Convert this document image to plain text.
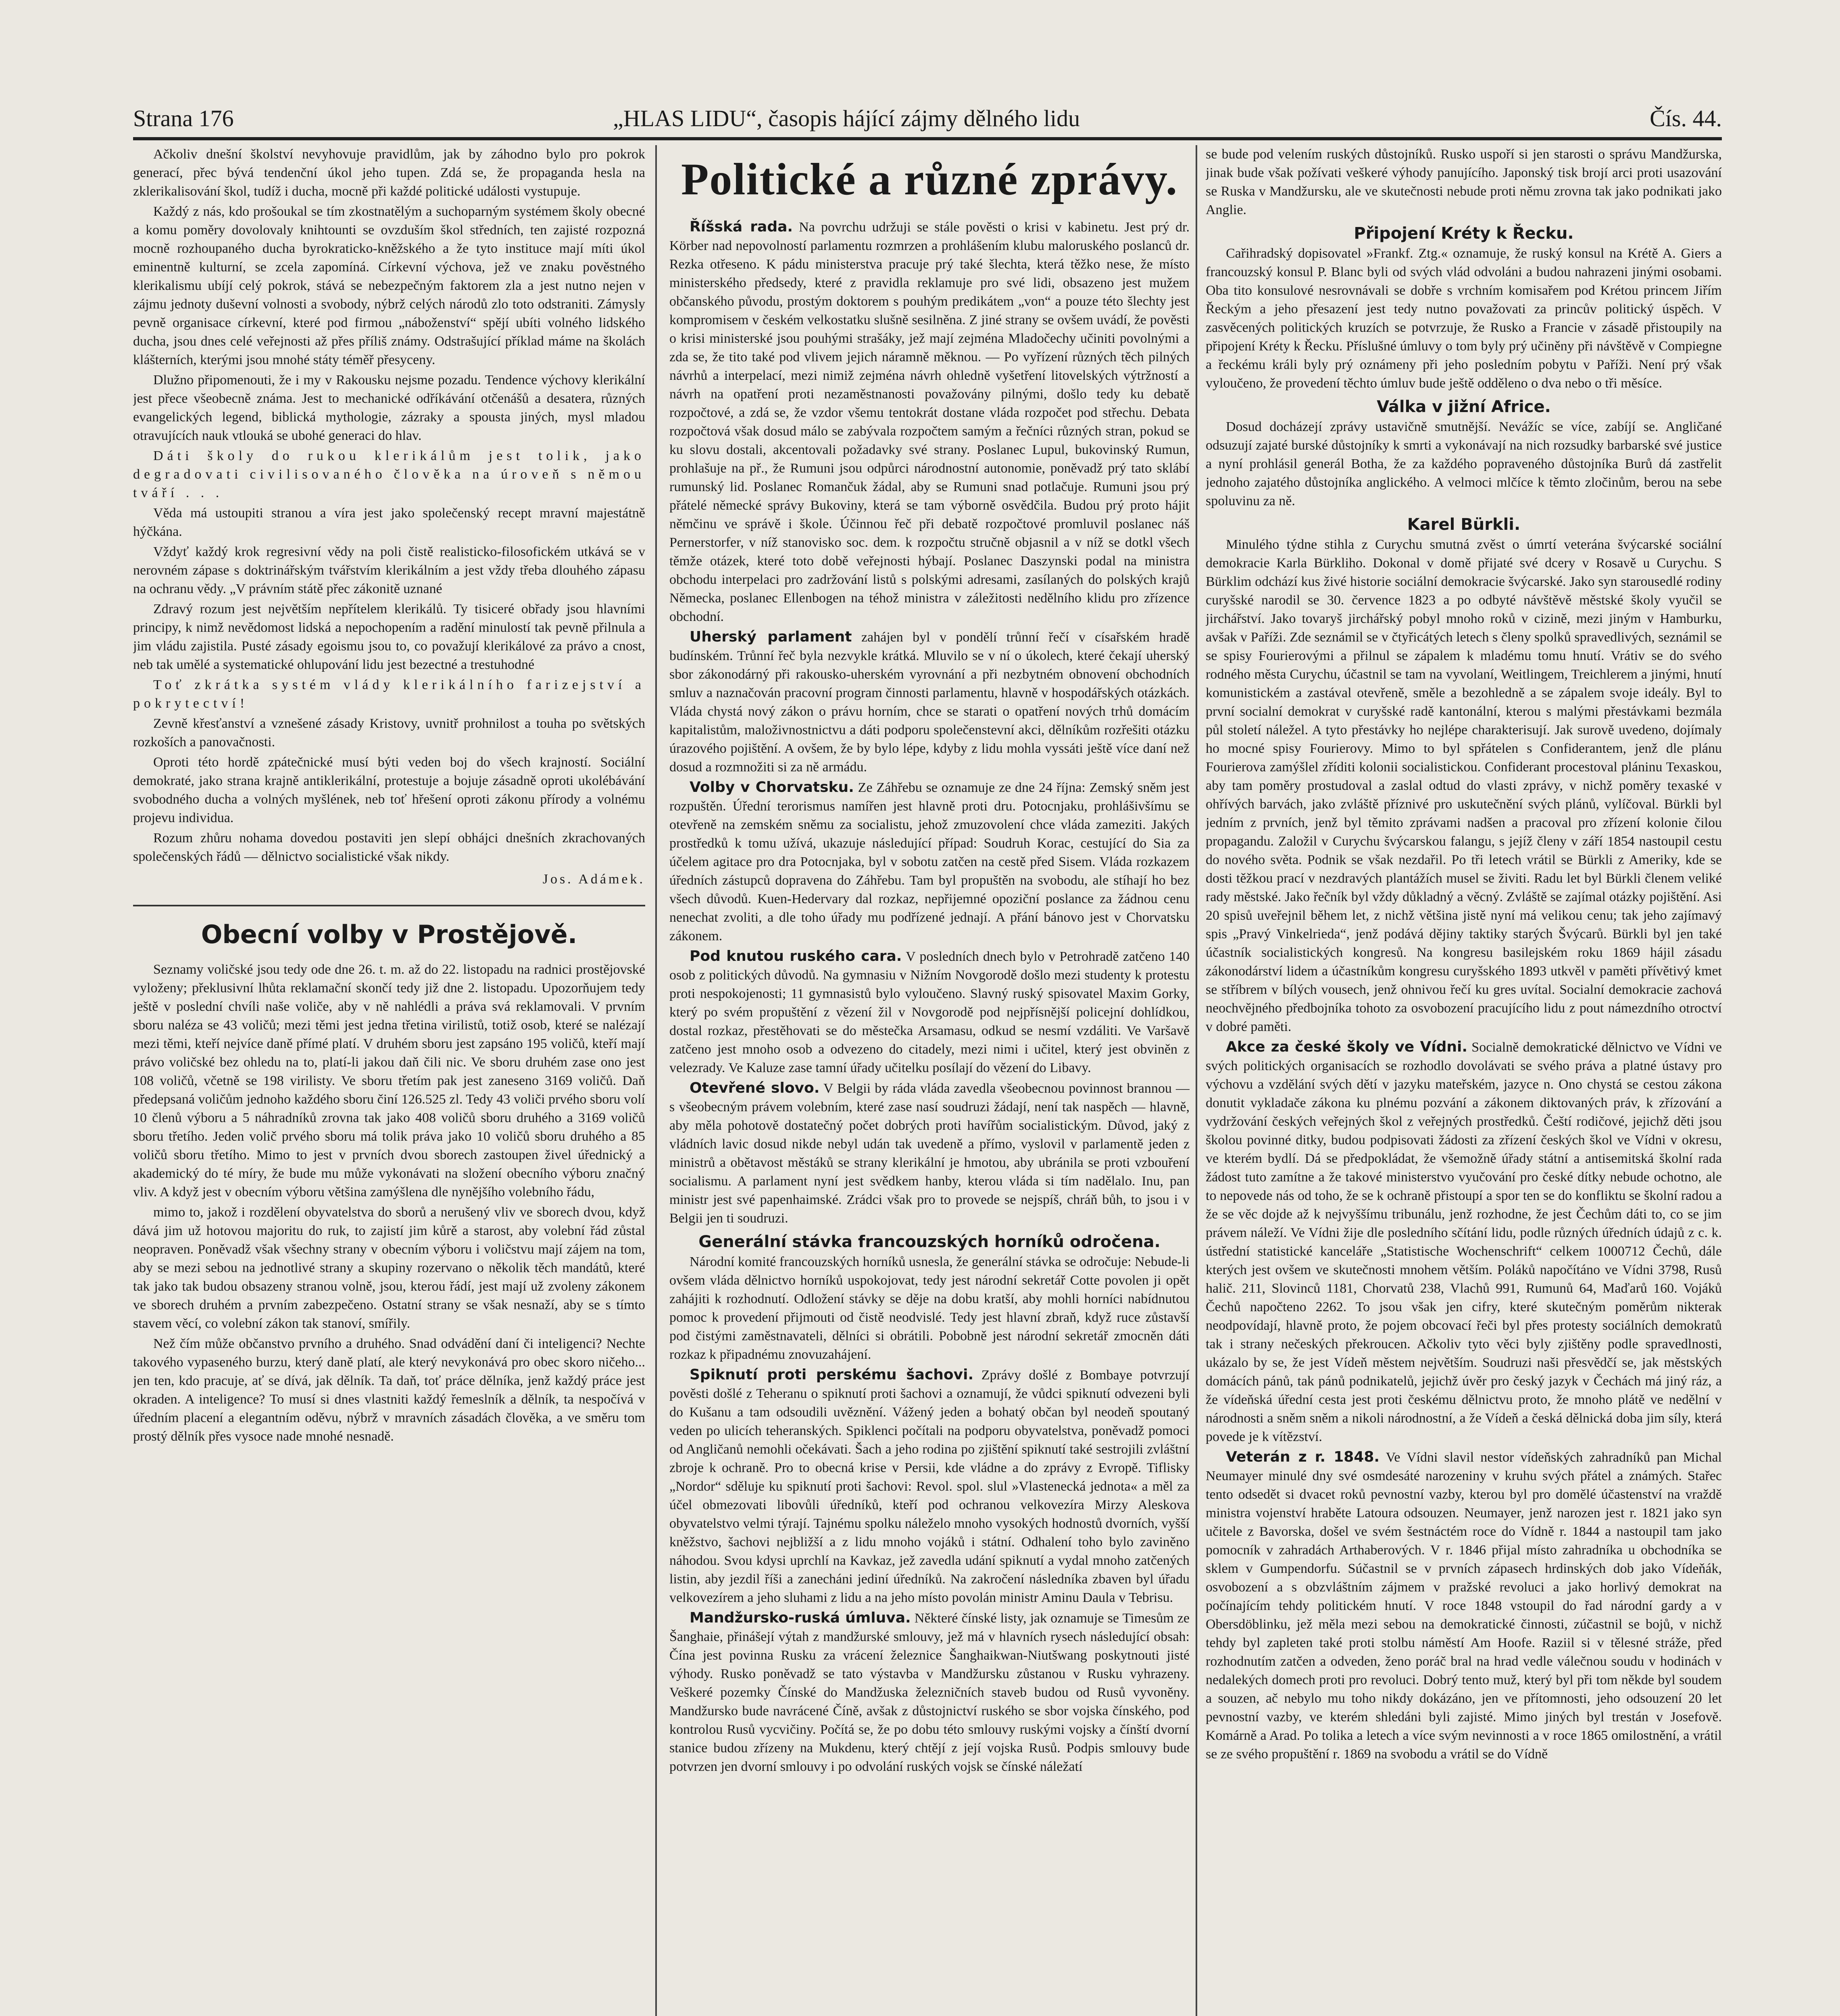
Strana 176	„HLAS LIDU“, časopis hájící zájmy dělného lidu	Čís. 44.

Ačkoliv dnešní školství nevyhovuje pravidlům, jak by záhodno bylo pro pokrok generací, přec bývá tendenční úkol jeho tupen. Zdá se, že propaganda hesla na zklerikalisování škol, tudíž i ducha, mocně při každé politické události vystupuje.

Každý z nás, kdo prošoukal se tím zkostnatělým a suchoparným systémem školy obecné a komu poměry dovolovaly knihtounti se ovzduším škol středních, ten zajisté rozpozná mocně rozhoupaného ducha byrokraticko-kněžského a že tyto instituce mají míti úkol eminentně kulturní, se zcela zapomíná. Církevní výchova, jež ve znaku pověstného klerikalismu ubíjí celý pokrok, stává se nebezpečným faktorem zla a jest nutno nejen v zájmu jednoty duševní volnosti a svobody, nýbrž celých národů zlo toto odstraniti. Zámysly pevně organisace církevní, které pod firmou „náboženství“ spějí ubíti volného lidského ducha, jsou dnes celé veřejnosti až přes příliš známy. Odstrašující příklad máme na školách klášterních, kterými jsou mnohé státy téměř přesyceny.

Dlužno připomenouti, že i my v Rakousku nejsme pozadu. Tendence výchovy klerikální jest přece všeobecně známa. Jest to mechanické odříkávání otčenášů a desatera, různých evangelických legend, biblická mythologie, zázraky a spousta jiných, mysl mladou otravujících nauk vtlouká se ubohé generaci do hlav.

Dáti školy do rukou klerikálům jest tolik, jako degradovati civilisovaného člověka na úroveň s němou tváří . . .

Věda má ustoupiti stranou a víra jest jako společenský recept mravní majestátně hýčkána.

Vždyť každý krok regresivní vědy na poli čistě realisticko-filosofickém utkává se v nerovném zápase s doktrinářským tvářstvím klerikálním a jest vždy třeba dlouhého zápasu na ochranu vědy. „V právním státě přec zákonitě uznané

Zdravý rozum jest největším nepřítelem klerikálů. Ty tisiceré obřady jsou hlavními principy, k nimž nevědomost lidská a nepochopením a radění minulostí tak pevně přilnula a jim vládu zajistila. Pusté zásady egoismu jsou to, co považují klerikálové za právo a cnost, neb tak umělé a systematické ohlupování lidu jest bezectné a trestuhodné

Toť zkrátka systém vlády klerikálního farizejství a pokrytectví!

Zevně křesťanství a vznešené zásady Kristovy, uvnitř prohnilost a touha po světských rozkoších a panovačnosti.

Oproti této hordě zpátečnické musí býti veden boj do všech krajností. Sociální demokraté, jako strana krajně antiklerikální, protestuje a bojuje zásadně oproti ukolébávání svobodného ducha a volných myšlének, neb toť hřešení oproti zákonu přírody a volnému projevu individua.

Rozum zhůru nohama dovedou postaviti jen slepí obhájci dnešních zkrachovaných společenských řádů — dělnictvo socialistické však nikdy.

Jos. Adámek.
Obecní volby v Prostějově.

Seznamy voličské jsou tedy ode dne 26. t. m. až do 22. listopadu na radnici prostějovské vyloženy; překlusivní lhůta reklamační skončí tedy již dne 2. listopadu. Upozorňujem tedy ještě v poslední chvíli naše voliče, aby v ně nahlédli a práva svá reklamovali. V prvním sboru naléza se 43 voličů; mezi těmi jest jedna třetina virilistů, totiž osob, které se nalézají mezi těmi, kteří nejvíce daně přímé platí. V druhém sboru jest zapsáno 195 voličů, kteří mají právo voličské bez ohledu na to, platí-li jakou daň čili nic. Ve sboru druhém zase ono jest 108 voličů, včetně se 198 virilisty. Ve sboru třetím pak jest zaneseno 3169 voličů. Daň předepsaná voličům jednoho každého sboru činí 126.525 zl. Tedy 43 voliči prvého sboru volí 10 členů výboru a 5 náhradníků zrovna tak jako 408 voličů sboru druhého a 3169 voličů sboru třetího. Jeden volič prvého sboru má tolik práva jako 10 voličů sboru druhého a 85 voličů sboru třetího. Mimo to jest v prvních dvou sborech zastoupen živel úřednický a akademický do té míry, že bude mu může vykonávati na složení obecního výboru značný vliv. A když jest v obecním výboru většina zamýšlena dle nynějšího volebního řádu,

mimo to, jakož i rozdělení obyvatelstva do sborů a nerušený vliv ve sborech dvou, když dává jim už hotovou majoritu do ruk, to zajistí jim kůrě a starost, aby volební řád zůstal neopraven. Poněvadž však všechny strany v obecním výboru i voličstvu mají zájem na tom, aby se mezi sebou na jednotlivé strany a skupiny rozervano o několik těch mandátů, které tak jako tak budou obsazeny stranou volně, jsou, kterou řádí, jest mají už zvoleny zákonem ve sborech druhém a prvním zabezpečeno. Ostatní strany se však nesnaží, aby se s tímto stavem věcí, co volební zákon tak stanoví, smířily.

Než čím může občanstvo prvního a druhého. Snad odvádění daní či inteligenci? Nechte takového vypaseného burzu, který daně platí, ale který nevykonává pro obec skoro ničeho... jen ten, kdo pracuje, ať se dívá, jak dělník. Ta daň, toť práce dělníka, jenž každý práce jest okraden. A inteligence? To musí si dnes vlastniti každý řemeslník a dělník, ta nespočívá v úředním placení a elegantním oděvu, nýbrž v mravních zásadách člověka, a ve směru tom prostý dělník přes vysoce nade mnohé nesnadě.

Politické a různé zprávy.

Říšská rada. Na povrchu udržuji se stále pověsti o krisi v kabinetu. Jest prý dr. Körber nad nepovolností parlamentu rozmrzen a prohlášením klubu maloruského poslanců dr. Rezka otřeseno. K pádu ministerstva pracuje prý také šlechta, která těžko nese, že místo ministerského předsedy, které z pravidla reklamuje pro své lidi, obsazeno jest mužem občanského původu, prostým doktorem s pouhým predikátem „von“ a pouze této šlechty jest kompromisem v českém velkostatku slušně sesilněna. Z jiné strany se ovšem uvádí, že pověsti o krisi ministerské jsou pouhými strašáky, jež mají zejména Mladočechy učiniti povolnými a zda se, že tito také pod vlivem jejich náramně měknou. — Po vyřízení různých těch pilných návrhů a interpelací, mezi nimiž zejména návrh ohledně vyšetření litovelských výtržností a návrh na opatření proti nezaměstnanosti považovány pilnými, došlo tedy ku debatě rozpočtové, a zdá se, že vzdor všemu tentokrát dostane vláda rozpočet pod střechu. Debata rozpočtová však dosud málo se zabývala rozpočtem samým a řečníci různých stran, pokud se ku slovu dostali, akcentovali požadavky své strany. Poslanec Lupul, bukovinský Rumun, prohlašuje na př., že Rumuni jsou odpůrci národnostní autonomie, poněvadž prý tato sklábí rumunský lid. Poslanec Romančuk žádal, aby se Rumuni snad potlačuje. Rumuni jsou prý přátelé německé správy Bukoviny, která se tam výborně osvědčila. Budou prý proto hájit němčinu ve správě i škole. Účinnou řeč při debatě rozpočtové promluvil poslanec náš Pernerstorfer, v níž stanovisko soc. dem. k rozpočtu stručně objasnil a v níž se dotkl všech těmže otázek, které toto době veřejnosti hýbají. Poslanec Daszynski podal na ministra obchodu interpelaci pro zadržování listů s polskými adresami, zasílaných do polských krajů Německa, poslanec Ellenbogen na téhož ministra v záležitosti nedělního klidu pro zřízence obchodní.

Uherský parlament zahájen byl v pondělí trůnní řečí v císařském hradě budínském. Trůnní řeč byla nezvykle krátká. Mluvilo se v ní o úkolech, které čekají uherský sbor zákonodárný při rakousko-uherském vyrovnání a při nezbytném obnovení obchodních smluv a naznačován pracovní program činnosti parlamentu, hlavně v hospodářských otázkách. Vláda chystá nový zákon o právu horním, chce se starati o opatření nových trhů domácím kapitalistům, maloživnostnictvu a dáti podporu společenstevní akci, dělníkům rozřešiti otázku úrazového pojištění. A ovšem, že by bylo lépe, kdyby z lidu mohla vyssáti ještě více daní než dosud a rozmnožiti si za ně armádu.

Volby v Chorvatsku. Ze Záhřebu se oznamuje ze dne 24 října: Zemský sněm jest rozpuštěn. Úřední terorismus namířen jest hlavně proti dru. Potocnjaku, prohlášivšímu se otevřeně na zemském sněmu za socialistu, jehož zmuzovolení chce vláda zameziti. Jakých prostředků k tomu užívá, ukazuje následující případ: Soudruh Korac, cestující do Sia za účelem agitace pro dra Potocnjaka, byl v sobotu zatčen na cestě před Sisem. Vláda rozkazem úředních zástupců dopravena do Záhřebu. Tam byl propuštěn na svobodu, ale stíhají ho bez všech důvodů. Kuen-Hedervary dal rozkaz, nepřijemné opoziční poslance za žádnou cenu nenechat zvoliti, a dle toho úřady mu podřízené jednají. A přání bánovo jest v Chorvatsku zákonem.

Pod knutou ruského cara. V posledních dnech bylo v Petrohradě zatčeno 140 osob z politických důvodů. Na gymnasiu v Nižním Novgorodě došlo mezi studenty k protestu proti nespokojenosti; 11 gymnasistů bylo vyloučeno. Slavný ruský spisovatel Maxim Gorky, který po svém propuštění z vězení žil v Novgorodě pod nejpřísnější policejní dohlídkou, dostal rozkaz, přestěhovati se do městečka Arsamasu, odkud se nesmí vzdáliti. Ve Varšavě zatčeno jest mnoho osob a odvezeno do citadely, mezi nimi i učitel, který jest obviněn z velezrady. Ve Kaluze zase tamní úřady učitelku posílají do vězení do Libavy.

Otevřené slovo. V Belgii by ráda vláda zavedla všeobecnou povinnost brannou — s všeobecným právem volebním, které zase nasí soudruzi žádají, není tak naspěch — hlavně, aby měla pohotově dostatečný počet dobrých proti havířům socialistickým. Důvod, jaký z vládních lavic dosud nikde nebyl udán tak uvedeně a přímo, vyslovil v parlamentě jeden z ministrů a obětavost městáků se strany klerikální je hmotou, aby ubránila se proti vzbouření socialismu. A parlament nyní jest svědkem hanby, kterou vláda si tím nadělalo. Inu, pan ministr jest své papenhaimské. Zrádci však pro to provede se nejspíš, chráň bůh, to jsou i v Belgii jen ti soudruzi.

Generální stávka francouzských horníků odročena.

Národní komité francouzských horníků usnesla, že generální stávka se odročuje: Nebude-li ovšem vláda dělnictvo horníků uspokojovat, tedy jest národní sekretář Cotte povolen ji opět zahájiti k rozhodnutí. Odložení stávky se děje na dobu kratší, aby mohli horníci nabídnutou pomoc k provedení přijmouti od čistě neodvislé. Tedy jest hlavní zbraň, když ruce zůstavší pod čistými zaměstnavateli, dělníci si obrátili. Pobobně jest národní sekretář zmocněn dáti rozkaz k připadnému znovuzahájení.

Spiknutí proti perskému šachovi. Zprávy došlé z Bombaye potvrzují pověsti došlé z Teheranu o spiknutí proti šachovi a oznamují, že vůdci spiknutí odvezeni byli do Kušanu a tam odsoudili uvěznění. Vážený jeden a bohatý občan byl neodeň spoutaný veden po ulicích teheranských. Spiklenci počítali na podporu obyvatelstva, poněvadž pomoci od Angličanů nemohli očekávati. Šach a jeho rodina po zjištění spiknutí také sestrojili zvláštní zbroje k ochraně. Pro to obecná krise v Persii, kde vládne a do zprávy z Evropě. Tiflisky „Nordor“ sděluje ku spiknutí proti šachovi: Revol. spol. slul »Vlastenecká jednota« a měl za účel obmezovati libovůli úředníků, kteří pod ochranou velkovezíra Mirzy Aleskova obyvatelstvo velmi týrají. Tajnému spolku náleželo mnoho vysokých hodnostů dvorních, vyšší kněžstvo, šachovi nejbližší a z lidu mnoho vojáků i státní. Odhalení toho bylo zaviněno náhodou. Svou kdysi uprchlí na Kavkaz, jež zavedla udání spiknutí a vydal mnoho zatčených listin, aby jezdil říši a zanecháni jediní úředníků. Na zakročení následníka zbaven byl úřadu velkovezírem a jeho sluhami z lidu a na jeho místo povolán ministr Aminu Daula v Tebrisu.

Mandžursko-ruská úmluva. Některé čínské listy, jak oznamuje se Timesům ze Šanghaie, přinášejí výtah z mandžurské smlouvy, jež má v hlavních rysech následující obsah: Čína jest povinna Rusku za vrácení železnice Šanghaikwan-Niutšwang poskytnouti jisté výhody. Rusko poněvadž se tato výstavba v Mandžursku zůstanou v Rusku vyhrazeny. Veškeré pozemky Čínské do Mandžuska železničních staveb budou od Rusů vyvoněny. Mandžursko bude navrácené Číně, avšak z důstojnictví ruského se sbor vojska čínského, pod kontrolou Rusů vycvičiny. Počítá se, že po dobu této smlouvy ruskými vojsky a čínští dvorní stanice budou zřízeny na Mukdenu, který chtějí z její vojska Rusů. Podpis smlouvy bude potvrzen jen dvorní smlouvy i po odvolání ruských vojsk se čínské náležatí

se bude pod velením ruských důstojníků. Rusko uspoří si jen starosti o správu Mandžurska, jinak bude však požívati veškeré výhody panujícího. Japonský tisk brojí arci proti usazování se Ruska v Mandžursku, ale ve skutečnosti nebude proti němu zrovna tak jako podnikati jako Anglie.

Připojení Kréty k Řecku.

Cařihradský dopisovatel »Frankf. Ztg.« oznamuje, že ruský konsul na Krétě A. Giers a francouzský konsul P. Blanc byli od svých vlád odvoláni a budou nahrazeni jinými osobami. Oba tito konsulové nesrovnávali se dobře s vrchním komisařem pod Krétou princem Jiřím Řeckým a jeho přesazení jest tedy nutno považovati za princův politický úspěch. V zasvěcených politických kruzích se potvrzuje, že Rusko a Francie v zásadě přistoupily na připojení Kréty k Řecku. Příslušné úmluvy o tom byly prý učiněny při návštěvě v Compiegne a řeckému králi byly prý oznámeny při jeho posledním pobytu v Paříži. Není prý však vyloučeno, že provedení těchto úmluv bude ještě odděleno o dva nebo o tři měsíce.

Válka v jižní Africe.

Dosud docházejí zprávy ustavičně smutnější. Nevážíc se více, zabíjí se. Angličané odsuzují zajaté burské důstojníky k smrti a vykonávají na nich rozsudky barbarské své justice a nyní prohlásil generál Botha, že za každého popraveného důstojníka Burů dá zastřelit jednoho zajatého důstojníka anglického. A velmoci mlčíce k těmto zločinům, berou na sebe spoluvinu za ně.

Karel Bürkli.

Minulého týdne stihla z Curychu smutná zvěst o úmrtí veterána švýcarské sociální demokracie Karla Bürkliho. Dokonal v domě přijaté své dcery v Rosavě u Curychu. S Bürklim odchází kus živé historie sociální demokracie švýcarské. Jako syn starousedlé rodiny curyšské narodil se 30. července 1823 a po odbyté návštěvě městské školy vyučil se jirchářství. Jako tovaryš jirchářský pobyl mnoho roků v cizině, mezi jiným v Hamburku, avšak v Paříži. Zde seznámil se v čtyřicátých letech s členy spolků spravedlivých, seznámil se se spisy Fourierovými a přilnul se zápalem k mladému tomu hnutí. Vrátiv se do svého rodného města Curychu, účastnil se tam na vyvolaní, Weitlingem, Treichlerem a jinými, hnutí komunistickém a zastával otevřeně, směle a bezohledně a se zápalem svoje ideály. Byl to první socialní demokrat v curyšské radě kantonální, kterou s malými přestávkami bezmála půl století náležel. A tyto přestávky ho nejlépe charakterisují. Jak surově uvedeno, dojímaly ho mocné spisy Fourierovy. Mimo to byl spřátelen s Confiderantem, jenž dle plánu Fourierova zamýšlel zříditi kolonii socialistickou. Confiderant procestoval pláninu Texaskou, aby tam poměry prostudoval a zaslal odtud do vlasti zprávy, v nichž poměry texaské v ohřívých barvách, jako zvláště příznivé pro uskutečnění svých plánů, vylíčoval. Bürkli byl jedním z prvních, jenž byl těmito zprávami nadšen a pracoval pro zřízení kolonie čilou propagandu. Založil v Curychu švýcarskou falangu, s jejíž členy v září 1854 nastoupil cestu do nového světa. Podnik se však nezdařil. Po tři letech vrátil se Bürkli z Ameriky, kde se dosti těžkou prací v nezdravých plantážích musel se živiti. Radu let byl Bürkli členem veliké rady městské. Jako řečník byl vždy důkladný a věcný. Zvláště se zajímal otázky pojištění. Asi 20 spisů uveřejnil během let, z nichž většina jistě nyní má velikou cenu; tak jeho zajímavý spis „Pravý Vinkelrieda“, jenž podává dějiny taktiky starých Švýcarů. Bürkli byl jen také účastník socialistických kongresů. Na kongresu basilejském roku 1869 hájil zásadu zákonodárství lidem a účastníkům kongresu curyšského 1893 utkvěl v paměti přívětivý kmet se stříbrem v bílých vousech, jenž ohnivou řečí ku gres uvítal. Socialní demokracie zachová neochvějného předbojníka tohoto za osvobození pracujícího lidu z pout námezdního otroctví v dobré paměti.

Akce za české školy ve Vídni. Socialně demokratické dělnictvo ve Vídni ve svých politických organisacích se rozhodlo dovolávati se svého práva a platné ústavy pro výchovu a vzdělání svých dětí v jazyku mateřském, jazyce n. Ono chystá se cestou zákona donutit vykladače zákona ku plnému pozvání a zákonem diktovaných práv, k zřízování a vydržování českých veřejných škol z veřejných prostředků. Čeští rodičové, jejichž děti jsou školou povinné ditky, budou podpisovati žádosti za zřízení českých škol ve Vídni v okresu, ve kterém bydlí. Dá se předpokládat, že všemožně úřady státní a antisemitská školní rada žádost tuto zamítne a že takové ministerstvo vyučování pro české dítky nebude ochotno, ale to nepovede nás od toho, že se k ochraně přistoupí a spor ten se do konfliktu se školní radou a že se věc dojde až k nejvyššímu tribunálu, jenž rozhodne, že jest Čechům dáti to, co se jim právem náleží. Ve Vídni žije dle posledního sčítání lidu, podle různých úředních údajů z c. k. ústřední statistické kanceláře „Statistische Wochenschrift“ celkem 1000712 Čechů, dále kterých jest ovšem ve skutečnosti mnohem větším. Poláků napočítáno ve Vídni 3798, Rusů halič. 211, Slovinců 1181, Chorvatů 238, Vlachů 991, Rumunů 64, Maďarů 160. Vojáků Čechů napočteno 2262. To jsou však jen cifry, které skutečným poměrům nikterak neodpovídají, hlavně proto, že pojem obcovací řeči byl přes protesty sociálních demokratů tak i strany nečeských překroucen. Ačkoliv tyto věci byly zjištěny podle spravedlnosti, ukázalo by se, že jest Vídeň městem největším. Soudruzi naši přesvědčí se, jak městských domácích pánů, tak pánů podnikatelů, jejichž úvěr pro český jazyk v Čechách má jiný ráz, a že vídeňská úřední cesta jest proti českému dělnictvu proto, že mnoho plátě ve nedělní v národnosti a sněm sněm a nikoli národnostní, a že Vídeň a česká dělnická doba jim síly, která povede je k vítězství.

Veterán z r. 1848. Ve Vídni slavil nestor vídeňských zahradníků pan Michal Neumayer minulé dny své osmdesáté narozeniny v kruhu svých přátel a známých. Stařec tento odsedět si dvacet roků pevnostní vazby, kterou byl pro domělé účastenství na vraždě ministra vojenství hraběte Latoura odsouzen. Neumayer, jenž narozen jest r. 1821 jako syn učitele z Bavorska, došel ve svém šestnáctém roce do Vídně r. 1844 a nastoupil tam jako pomocník v zahradách Arthaberových. V r. 1846 přijal místo zahradníka u obchodníka se sklem v Gumpendorfu. Súčastnil se v prvních zápasech hrdinských dob jako Vídeňák, osvobození a s obzvláštním zájmem v pražské revoluci a jako horlivý demokrat na počínajícím tehdy politickém hnutí. V roce 1848 vstoupil do řad národní gardy a v Obersdöblinku, jež měla mezi sebou na demokratické činnosti, zúčastnil se bojů, v nichž tehdy byl zapleten také proti stolbu náměstí Am Hoofe. Raziil si v tělesné stráže, před rozhodnutím zatčen a odveden, ženo poráč bral na hrad vedle válečnou soudu v hodinách v nedalekých domech proti pro revoluci. Dobrý tento muž, který byl při tom někde byl soudem a souzen, ač nebylo mu toho nikdy dokázáno, jen ve přítomnosti, jeho odsouzení 20 let pevnostní vazby, ve kterém shledáni byli zajisté. Mimo jiných byl trestán v Josefově. Komárně a Arad. Po tolika a letech a více svým nevinnosti a v roce 1865 omilostnění, a vrátil se ze svého propuštění r. 1869 na svobodu a vrátil se do Vídně
